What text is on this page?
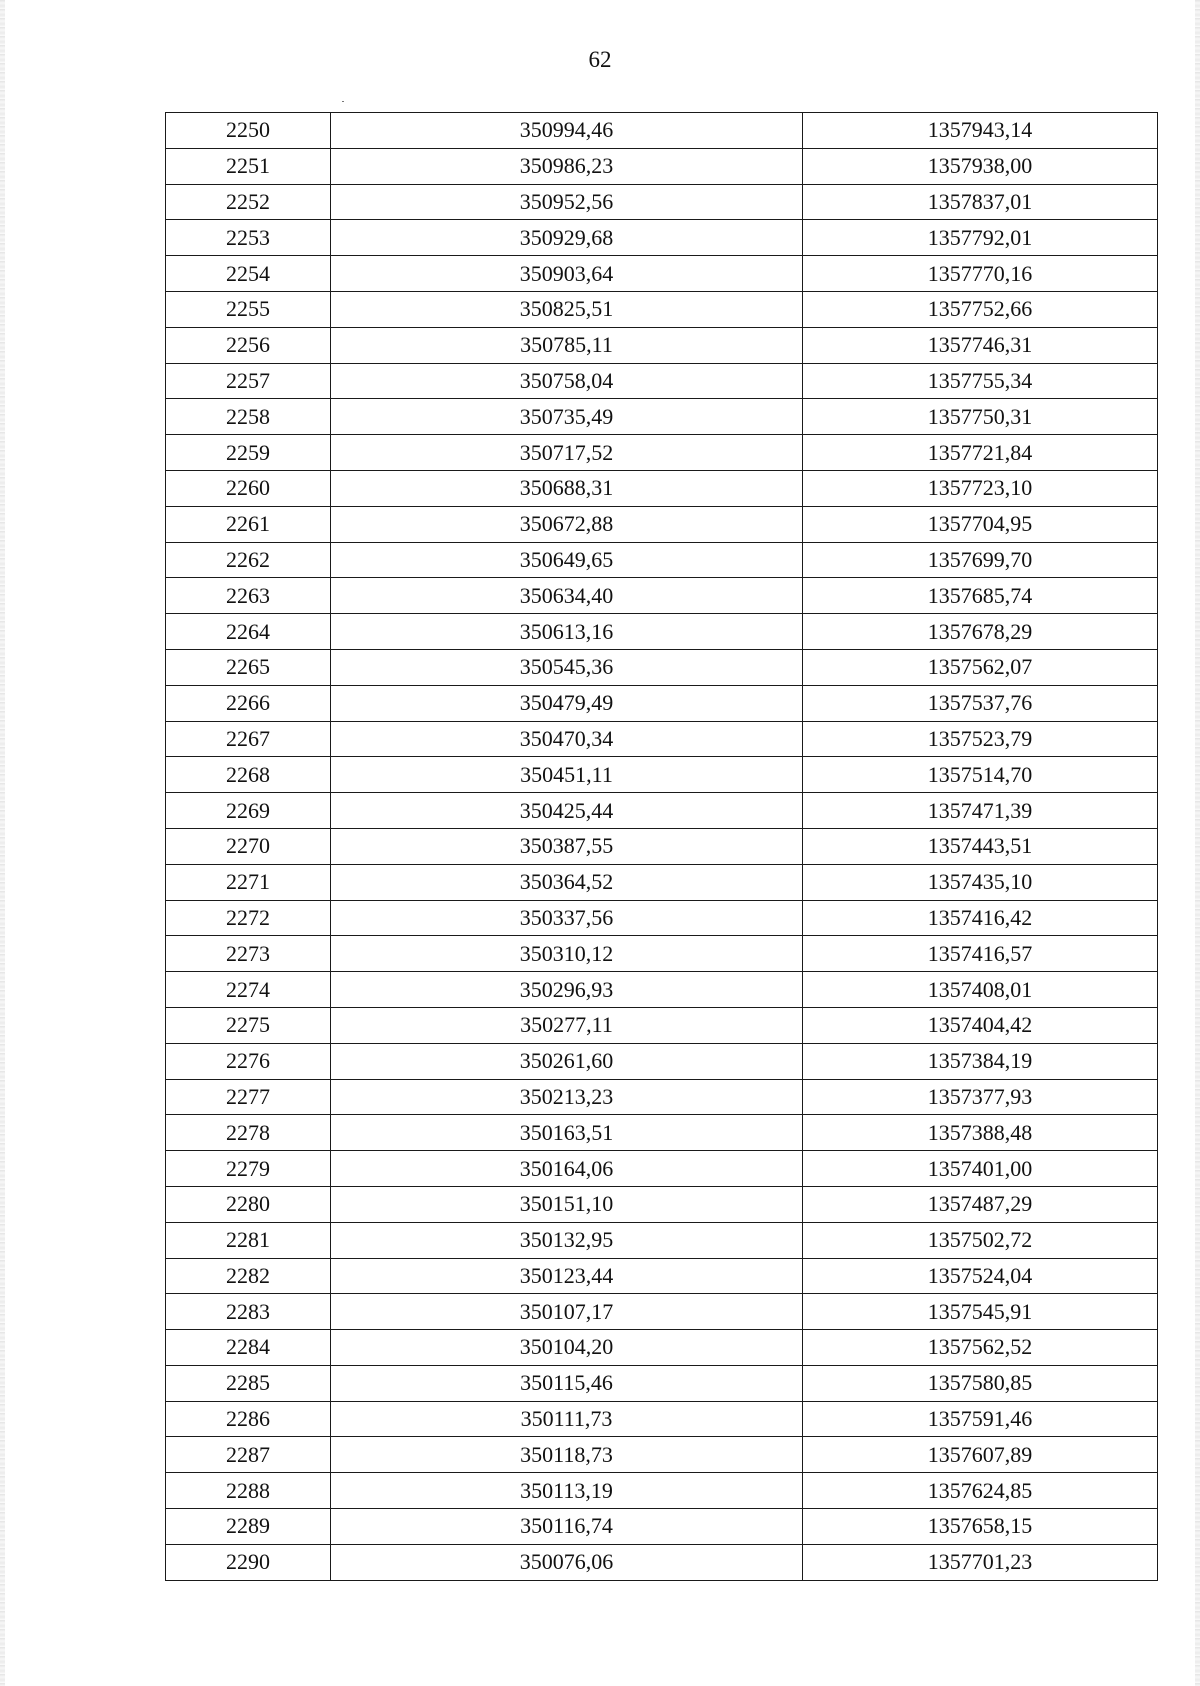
62
2250	350994,46	1357943,14
2251	350986,23	1357938,00
2252	350952,56	1357837,01
2253	350929,68	1357792,01
2254	350903,64	1357770,16
2255	350825,51	1357752,66
2256	350785,11	1357746,31
2257	350758,04	1357755,34
2258	350735,49	1357750,31
2259	350717,52	1357721,84
2260	350688,31	1357723,10
2261	350672,88	1357704,95
2262	350649,65	1357699,70
2263	350634,40	1357685,74
2264	350613,16	1357678,29
2265	350545,36	1357562,07
2266	350479,49	1357537,76
2267	350470,34	1357523,79
2268	350451,11	1357514,70
2269	350425,44	1357471,39
2270	350387,55	1357443,51
2271	350364,52	1357435,10
2272	350337,56	1357416,42
2273	350310,12	1357416,57
2274	350296,93	1357408,01
2275	350277,11	1357404,42
2276	350261,60	1357384,19
2277	350213,23	1357377,93
2278	350163,51	1357388,48
2279	350164,06	1357401,00
2280	350151,10	1357487,29
2281	350132,95	1357502,72
2282	350123,44	1357524,04
2283	350107,17	1357545,91
2284	350104,20	1357562,52
2285	350115,46	1357580,85
2286	350111,73	1357591,46
2287	350118,73	1357607,89
2288	350113,19	1357624,85
2289	350116,74	1357658,15
2290	350076,06	1357701,23
